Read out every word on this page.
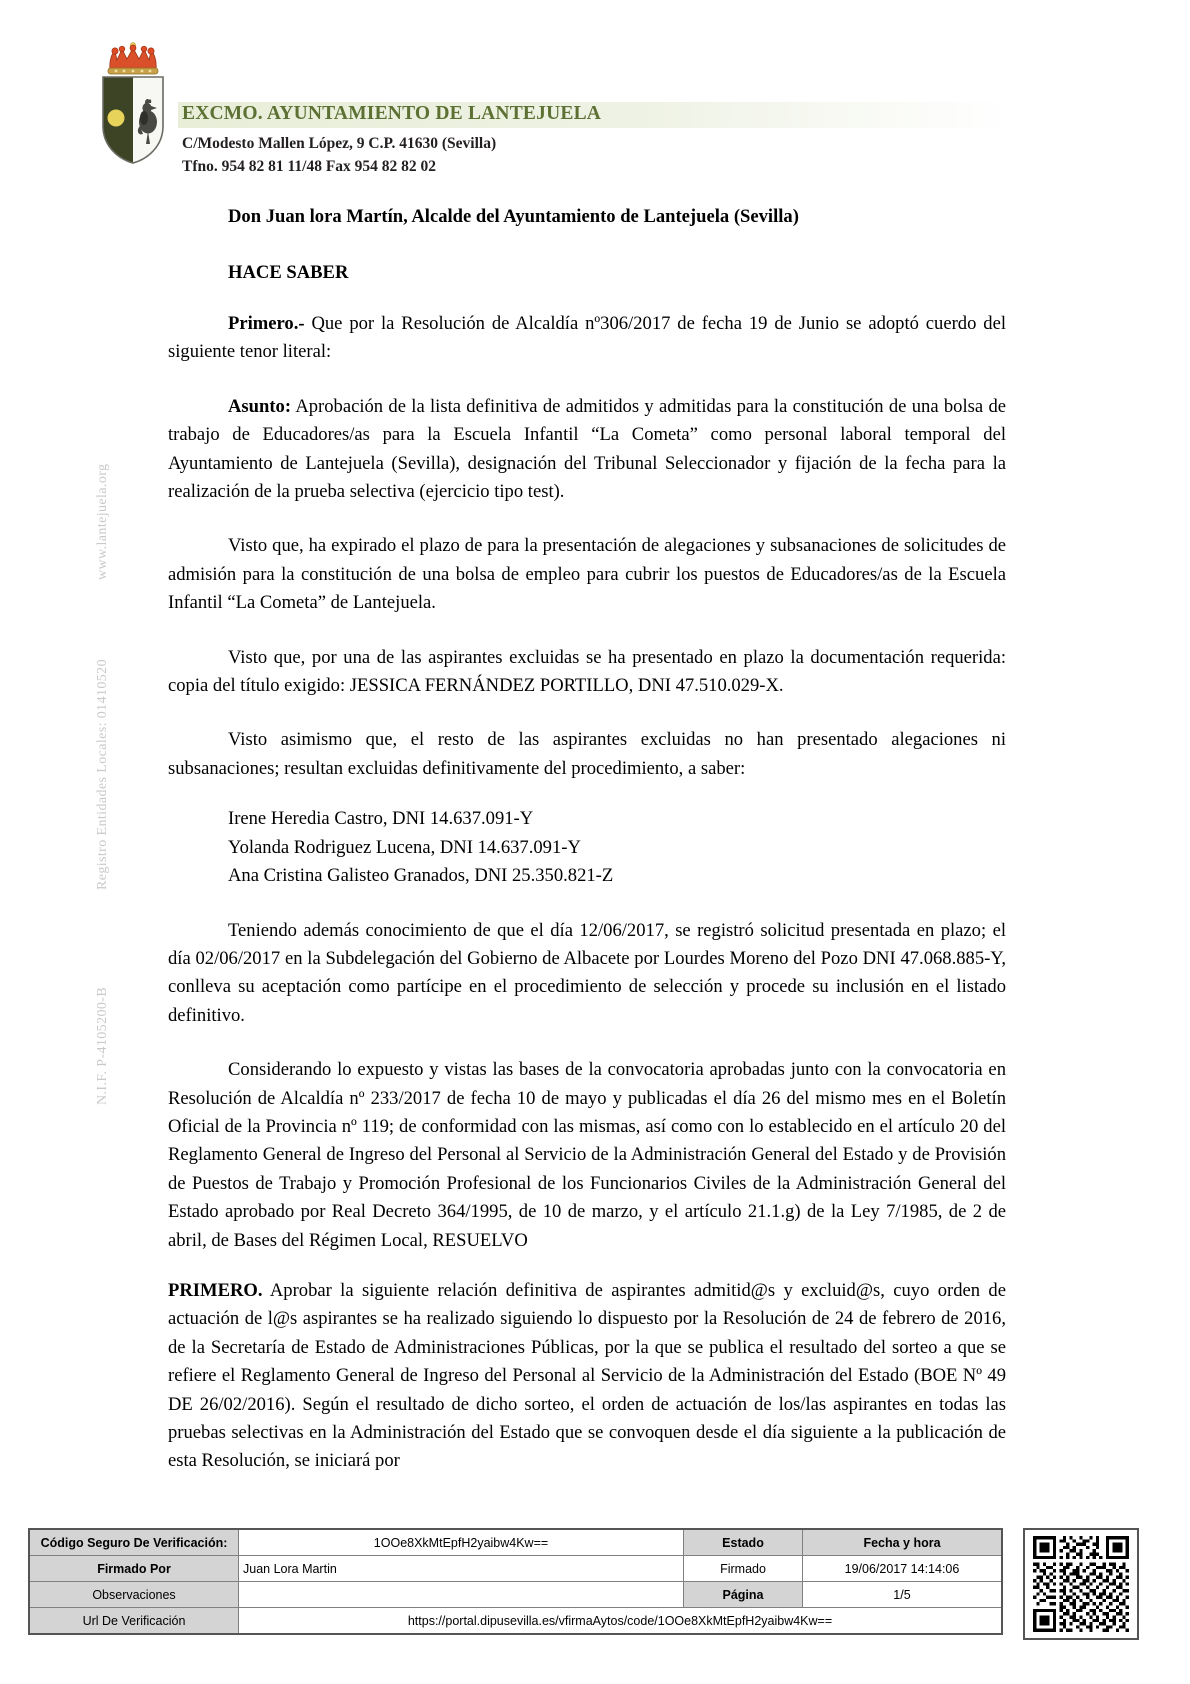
EXCMO. AYUNTAMIENTO DE LANTEJUELA
C/Modesto Mallen López, 9 C.P. 41630 (Sevilla)
Tfno. 954 82 81 11/48 Fax 954 82 82 02
www.lantejuela.org
Registro Entidades Locales: 01410520
N.I.F. P-4105200-B

Don Juan lora Martín, Alcalde del Ayuntamiento de Lantejuela (Sevilla)

HACE SABER

Primero.- Que por la Resolución de Alcaldía nº306/2017 de fecha 19 de Junio se adoptó cuerdo del siguiente tenor literal:

Asunto: Aprobación de la lista definitiva de admitidos y admitidas para la constitución de una bolsa de trabajo de Educadores/as para la Escuela Infantil “La Cometa” como personal laboral temporal del Ayuntamiento de Lantejuela (Sevilla), designación del Tribunal Seleccionador y fijación de la fecha para la realización de la prueba selectiva (ejercicio tipo test).

Visto que, ha expirado el plazo de para la presentación de alegaciones y subsanaciones de solicitudes de admisión para la constitución de una bolsa de empleo para cubrir los puestos de Educadores/as de la Escuela Infantil “La Cometa” de Lantejuela.

Visto que, por una de las aspirantes excluidas se ha presentado en plazo la documentación requerida: copia del título exigido: JESSICA FERNÁNDEZ PORTILLO, DNI 47.510.029-X.

Visto asimismo que, el resto de las aspirantes excluidas no han presentado alegaciones ni subsanaciones; resultan excluidas definitivamente del procedimiento, a saber:

Irene Heredia Castro, DNI 14.637.091-Y
Yolanda Rodriguez Lucena, DNI 14.637.091-Y
Ana Cristina Galisteo Granados, DNI 25.350.821-Z

Teniendo además conocimiento de que el día 12/06/2017, se registró solicitud presentada en plazo; el día 02/06/2017 en la Subdelegación del Gobierno de Albacete por Lourdes Moreno del Pozo DNI 47.068.885-Y, conlleva su aceptación como partícipe en el procedimiento de selección y procede su inclusión en el listado definitivo.

Considerando lo expuesto y vistas las bases de la convocatoria aprobadas junto con la convocatoria en Resolución de Alcaldía nº 233/2017 de fecha 10 de mayo y publicadas el día 26 del mismo mes en el Boletín Oficial de la Provincia nº 119; de conformidad con las mismas, así como con lo establecido en el artículo 20 del Reglamento General de Ingreso del Personal al Servicio de la Administración General del Estado y de Provisión de Puestos de Trabajo y Promoción Profesional de los Funcionarios Civiles de la Administración General del Estado aprobado por Real Decreto 364/1995, de 10 de marzo, y el artículo 21.1.g) de la Ley 7/1985, de 2 de abril, de Bases del Régimen Local, RESUELVO

PRIMERO. Aprobar la siguiente relación definitiva de aspirantes admitid@s y excluid@s, cuyo orden de actuación de l@s aspirantes se ha realizado siguiendo lo dispuesto por la Resolución de 24 de febrero de 2016, de la Secretaría de Estado de Administraciones Públicas, por la que se publica el resultado del sorteo a que se refiere el Reglamento General de Ingreso del Personal al Servicio de la Administración del Estado (BOE Nº 49 DE 26/02/2016). Según el resultado de dicho sorteo, el orden de actuación de los/las aspirantes en todas las pruebas selectivas en la Administración del Estado que se convoquen desde el día siguiente a la publicación de esta Resolución, se iniciará por

Código Seguro De Verificación:	1OOe8XkMtEpfH2yaibw4Kw==	Estado	Fecha y hora
Firmado Por	Juan Lora Martin	Firmado	19/06/2017 14:14:06
Observaciones		Página	1/5
Url De Verificación	https://portal.dipusevilla.es/vfirmaAytos/code/1OOe8XkMtEpfH2yaibw4Kw==		
